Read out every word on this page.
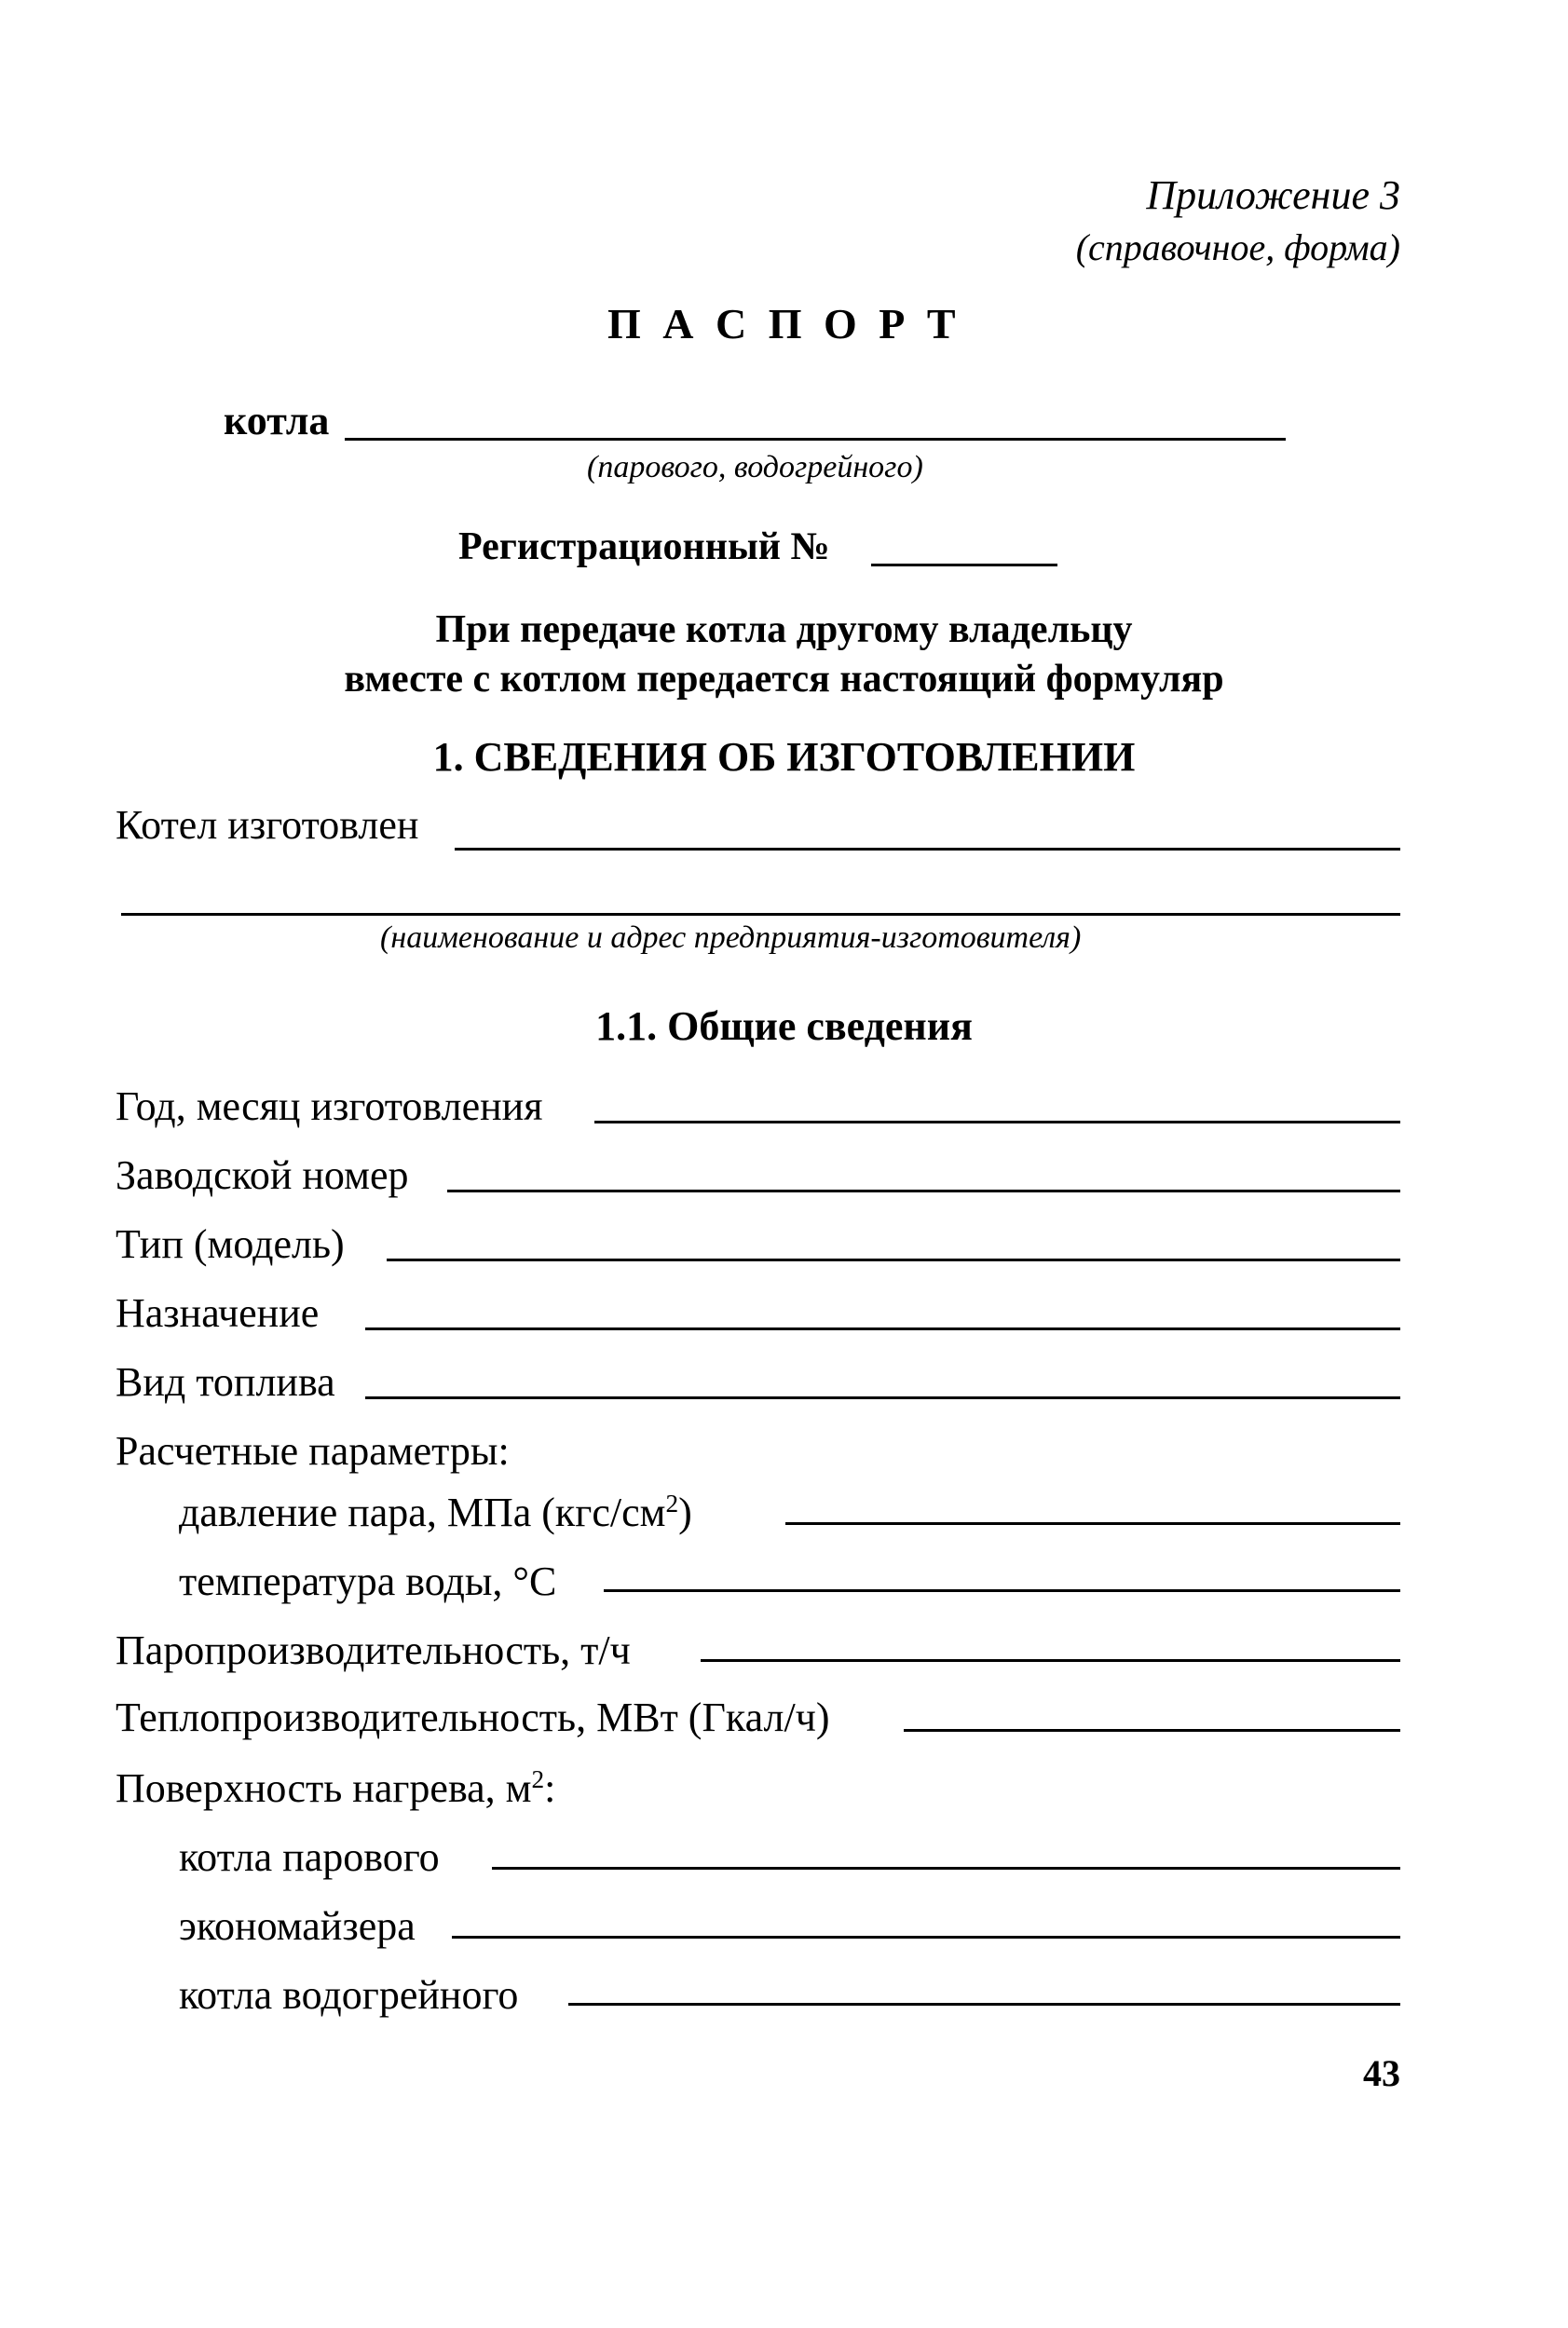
Приложение 3
(справочное, форма)
П А С П О Р Т
котла
(парового, водогрейного)
Регистрационный №
При передаче котла другому владельцу
вместе с котлом передается настоящий формуляр
1. СВЕДЕНИЯ ОБ ИЗГОТОВЛЕНИИ
Котел изготовлен
(наименование и адрес предприятия-изготовителя)
1.1. Общие сведения
Год, месяц изготовления
Заводской номер
Тип (модель)
Назначение
Вид топлива
Расчетные параметры:
давление пара, МПа $(кгс/см^2)$
температура воды, °С
Паропроизводительность, т/ч
Теплопроизводительность, МВт (Гкал/ч)
Поверхность нагрева, $м^2$:
котла парового
экономайзера
котла водогрейного
43
